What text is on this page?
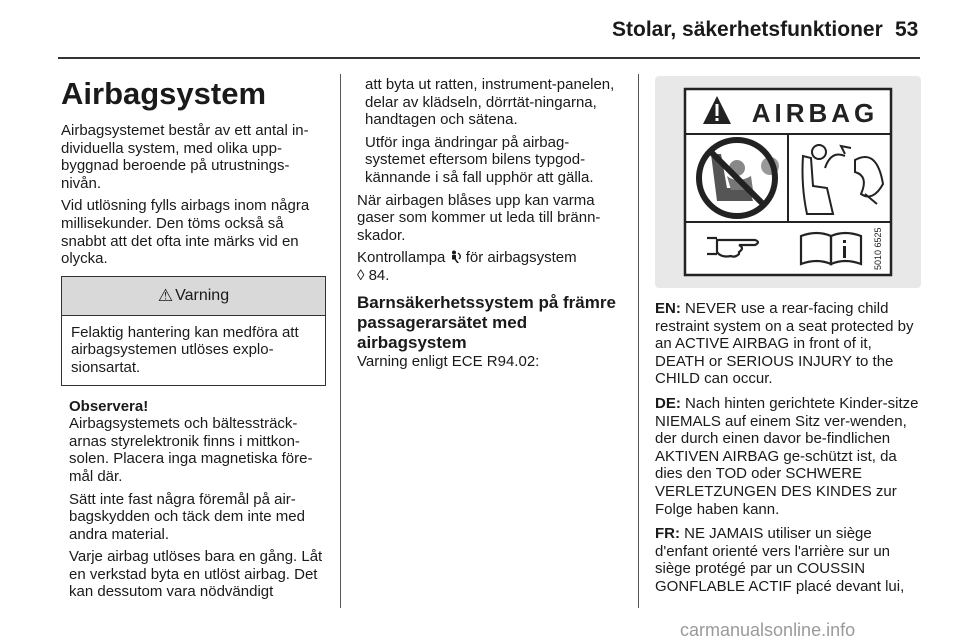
Stolar, säkerhetsfunktioner 53
Airbagsystem

Airbagsystemet består av ett antal in-dividuella system, med olika upp-byggnad beroende på utrustnings-nivån.

Vid utlösning fylls airbags inom några millisekunder. Den töms också så snabbt att det ofta inte märks vid en olycka.

⚠ Varning
Felaktig hantering kan medföra att airbagsystemen utlöses explo-sionsartat.
Observera!

Airbagsystemets och bältessträck-arnas styrelektronik finns i mittkon-solen. Placera inga magnetiska före-mål där.

Sätt inte fast några föremål på air-bagskydden och täck dem inte med andra material.

Varje airbag utlöses bara en gång. Låt en verkstad byta en utlöst airbag. Det kan dessutom vara nödvändigt

att byta ut ratten, instrument-panelen, delar av klädseln, dörrtät-ningarna, handtagen och sätena.

Utför inga ändringar på airbag-systemet eftersom bilens typgod-kännande i så fall upphör att gälla.

När airbagen blåses upp kan varma gaser som kommer ut leda till bränn-skador.

Kontrollampa för airbagsystem
◊ 84.

Barnsäkerhetssystem på främre passagerarsätet med airbagsystem

Varning enligt ECE R94.02:

AIRBAG
5010 6525

EN: NEVER use a rear-facing child restraint system on a seat protected by an ACTIVE AIRBAG in front of it, DEATH or SERIOUS INJURY to the CHILD can occur.

DE: Nach hinten gerichtete Kinder-sitze NIEMALS auf einem Sitz ver-wenden, der durch einen davor be-findlichen AKTIVEN AIRBAG ge-schützt ist, da dies den TOD oder SCHWERE VERLETZUNGEN DES KINDES zur Folge haben kann.

FR: NE JAMAIS utiliser un siège d'enfant orienté vers l'arrière sur un siège protégé par un COUSSIN GONFLABLE ACTIF placé devant lui,

carmanualsonline.info
